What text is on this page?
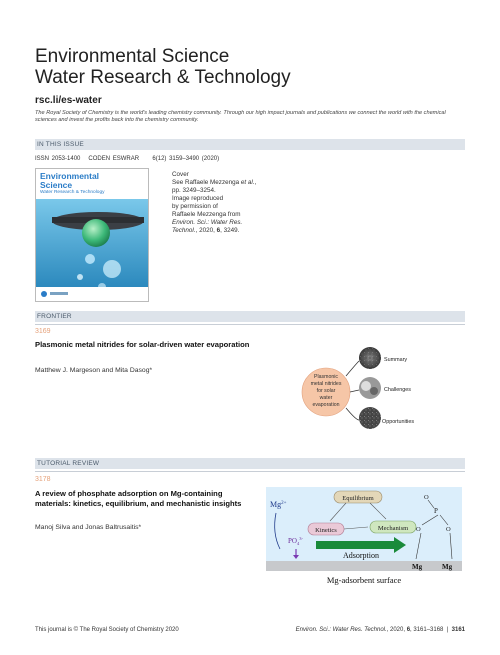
Environmental Science
Water Research & Technology
rsc.li/es-water
The Royal Society of Chemistry is the world's leading chemistry community. Through our high impact journals and publications we connect the world with the chemical sciences and invest the profits back into the chemistry community.
IN THIS ISSUE
ISSN 2053-1400 CODEN ESWRAR 6(12) 3159–3490 (2020)
Environmental
Science
Water Research & Technology
Cover
See Raffaele Mezzenga et al.,
pp. 3249–3254.
Image reproduced
by permission of
Raffaele Mezzenga from
Environ. Sci.: Water Res.
Technol., 2020, 6, 3249.
FRONTIER
3169
Plasmonic metal nitrides for solar-driven water evaporation
Matthew J. Margeson and Mita Dasog*
Plasmonic
metal nitrides
for solar
water
evaporation
Summary
Challenges
Opportunities
TUTORIAL REVIEW
3178
A review of phosphate adsorption on Mg-containing materials: kinetics, equilibrium, and mechanistic insights
Manoj Silva and Jonas Baltrusaitis*
$Mg^{2+}$
$PO_4^{3-}$
Equilibrium
Kinetics	Mechanism
Adsorption
O
P
O	O
Mg	Mg
Mg-adsorbent surface
This journal is © The Royal Society of Chemistry 2020	Environ. Sci.: Water Res. Technol., 2020, 6, 3161–3168  |  3161
